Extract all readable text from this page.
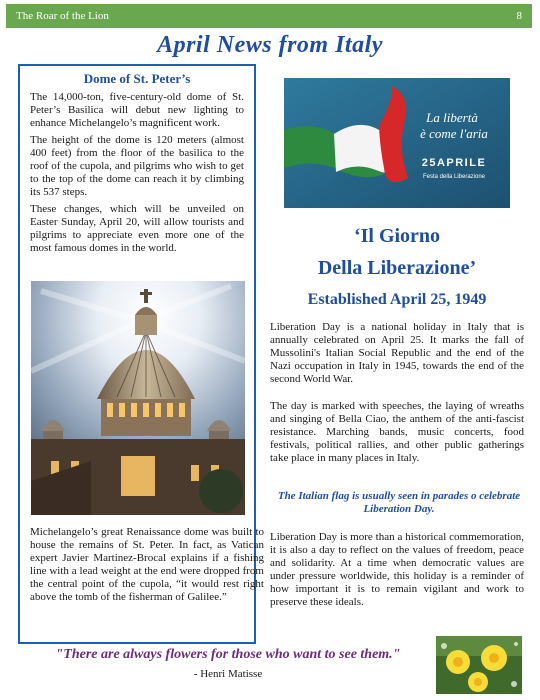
The Roar of the Lion	8
April News from Italy
Dome of St. Peter’s

The 14,000-ton, five-century-old dome of St. Peter’s Basilica will debut new lighting to enhance Michelangelo’s magnificent work.

The height of the dome is 120 meters (almost 400 feet) from the floor of the basilica to the roof of the cupola, and pilgrims who wish to get to the top of the dome can reach it by climbing its 537 steps.

These changes, which will be unveiled on Easter Sunday, April 20, will allow tourists and pilgrims to appreciate even more one of the most famous domes in the world.

Michelangelo’s great Renaissance dome was built to house the remains of St. Peter. In fact, as Vatican expert Javier Martinez-Brocal explains if a fishing line with a lead weight at the end were dropped from the central point of the cupola, “it would rest right above the tomb of the fisherman of Galilee.”

La libertà
è come l'aria
25APRILE
Festa della Liberazione
‘Il Giorno
Della Liberazione’
Established April 25, 1949

Liberation Day is a national holiday in Italy that is annually celebrated on April 25. It marks the fall of Mussolini's Italian Social Republic and the end of the Nazi occupation in Italy in 1945, towards the end of the second World War.

The day is marked with speeches, the laying of wreaths and singing of Bella Ciao, the anthem of the anti-fascist resistance. Marching bands, music concerts, food festivals, political rallies, and other public gatherings take place in many places in Italy.

The Italian flag is usually seen in parades o celebrate Liberation Day.

Liberation Day is more than a historical commemoration, it is also a day to reflect on the values of freedom, peace and solidarity. At a time when democratic values are under pressure worldwide, this holiday is a reminder of how important it is to remain vigilant and work to preserve these ideals.

"There are always flowers for those who want to see them."
- Henri Matisse
